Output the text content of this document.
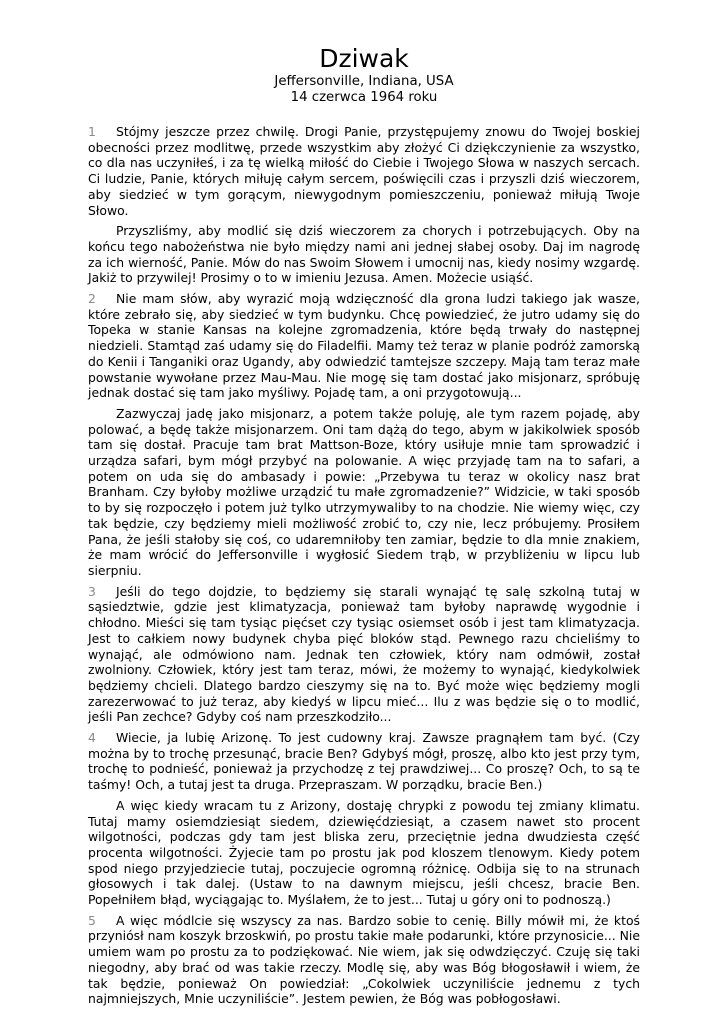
Dziwak

Jeffersonville, Indiana, USA

14 czerwca 1964 roku

1 Stójmy jeszcze przez chwilę. Drogi Panie, przystępujemy znowu do Twojej boskiej obecności przez modlitwę, przede wszystkim aby złożyć Ci dziękczynienie za wszystko, co dla nas uczyniłeś, i za tę wielką miłość do Ciebie i Twojego Słowa w naszych sercach. Ci ludzie, Panie, których miłuję całym sercem, poświęcili czas i przyszli dziś wieczorem, aby siedzieć w tym gorącym, niewygodnym pomieszczeniu, ponieważ miłują Twoje Słowo.

Przyszliśmy, aby modlić się dziś wieczorem za chorych i potrzebujących. Oby na końcu tego nabożeństwa nie było między nami ani jednej słabej osoby. Daj im nagrodę za ich wierność, Panie. Mów do nas Swoim Słowem i umocnij nas, kiedy nosimy wzgardę. Jakiż to przywilej! Prosimy o to w imieniu Jezusa. Amen. Możecie usiąść.

2 Nie mam słów, aby wyrazić moją wdzięczność dla grona ludzi takiego jak wasze, które zebrało się, aby siedzieć w tym budynku. Chcę powiedzieć, że jutro udamy się do Topeka w stanie Kansas na kolejne zgromadzenia, które będą trwały do następnej niedzieli. Stamtąd zaś udamy się do Filadelfii. Mamy też teraz w planie podróż zamorską do Kenii i Tanganiki oraz Ugandy, aby odwiedzić tamtejsze szczepy. Mają tam teraz małe powstanie wywołane przez Mau-Mau. Nie mogę się tam dostać jako misjonarz, spróbuję jednak dostać się tam jako myśliwy. Pojadę tam, a oni przygotowują...

Zazwyczaj jadę jako misjonarz, a potem także poluję, ale tym razem pojadę, aby polować, a będę także misjonarzem. Oni tam dążą do tego, abym w jakikolwiek sposób tam się dostał. Pracuje tam brat Mattson-Boze, który usiłuje mnie tam sprowadzić i urządza safari, bym mógł przybyć na polowanie. A więc przyjadę tam na to safari, a potem on uda się do ambasady i powie: „Przebywa tu teraz w okolicy nasz brat Branham. Czy byłoby możliwe urządzić tu małe zgromadzenie?” Widzicie, w taki sposób to by się rozpoczęło i potem już tylko utrzymywaliby to na chodzie. Nie wiemy więc, czy tak będzie, czy będziemy mieli możliwość zrobić to, czy nie, lecz próbujemy. Prosiłem Pana, że jeśli stałoby się coś, co udaremniłoby ten zamiar, będzie to dla mnie znakiem, że mam wrócić do Jeffersonville i wygłosić Siedem trąb, w przybliżeniu w lipcu lub sierpniu.

3 Jeśli do tego dojdzie, to będziemy się starali wynająć tę salę szkolną tutaj w sąsiedztwie, gdzie jest klimatyzacja, ponieważ tam byłoby naprawdę wygodnie i chłodno. Mieści się tam tysiąc pięćset czy tysiąc osiemset osób i jest tam klimatyzacja. Jest to całkiem nowy budynek chyba pięć bloków stąd. Pewnego razu chcieliśmy to wynająć, ale odmówiono nam. Jednak ten człowiek, który nam odmówił, został zwolniony. Człowiek, który jest tam teraz, mówi, że możemy to wynająć, kiedykolwiek będziemy chcieli. Dlatego bardzo cieszymy się na to. Być może więc będziemy mogli zarezerwować to już teraz, aby kiedyś w lipcu mieć... Ilu z was będzie się o to modlić, jeśli Pan zechce? Gdyby coś nam przeszkodziło...

4 Wiecie, ja lubię Arizonę. To jest cudowny kraj. Zawsze pragnąłem tam być. (Czy można by to trochę przesunąć, bracie Ben? Gdybyś mógł, proszę, albo kto jest przy tym, trochę to podnieść, ponieważ ja przychodzę z tej prawdziwej... Co proszę? Och, to są te taśmy! Och, a tutaj jest ta druga. Przepraszam. W porządku, bracie Ben.)

A więc kiedy wracam tu z Arizony, dostaję chrypki z powodu tej zmiany klimatu. Tutaj mamy osiemdziesiąt siedem, dziewięćdziesiąt, a czasem nawet sto procent wilgotności, podczas gdy tam jest bliska zeru, przeciętnie jedna dwudziesta część procenta wilgotności. Żyjecie tam po prostu jak pod kloszem tlenowym. Kiedy potem spod niego przyjedziecie tutaj, poczujecie ogromną różnicę. Odbija się to na strunach głosowych i tak dalej. (Ustaw to na dawnym miejscu, jeśli chcesz, bracie Ben. Popełniłem błąd, wyciągając to. Myślałem, że to jest... Tutaj u góry oni to podnoszą.)

5 A więc módlcie się wszyscy za nas. Bardzo sobie to cenię. Billy mówił mi, że ktoś przyniósł nam koszyk brzoskwiń, po prostu takie małe podarunki, które przynosicie... Nie umiem wam po prostu za to podziękować. Nie wiem, jak się odwdzięczyć. Czuję się taki niegodny, aby brać od was takie rzeczy. Modlę się, aby was Bóg błogosławił i wiem, że tak będzie, ponieważ On powiedział: „Cokolwiek uczyniliście jednemu z tych najmniejszych, Mnie uczyniliście”. Jestem pewien, że Bóg was pobłogosławi.
